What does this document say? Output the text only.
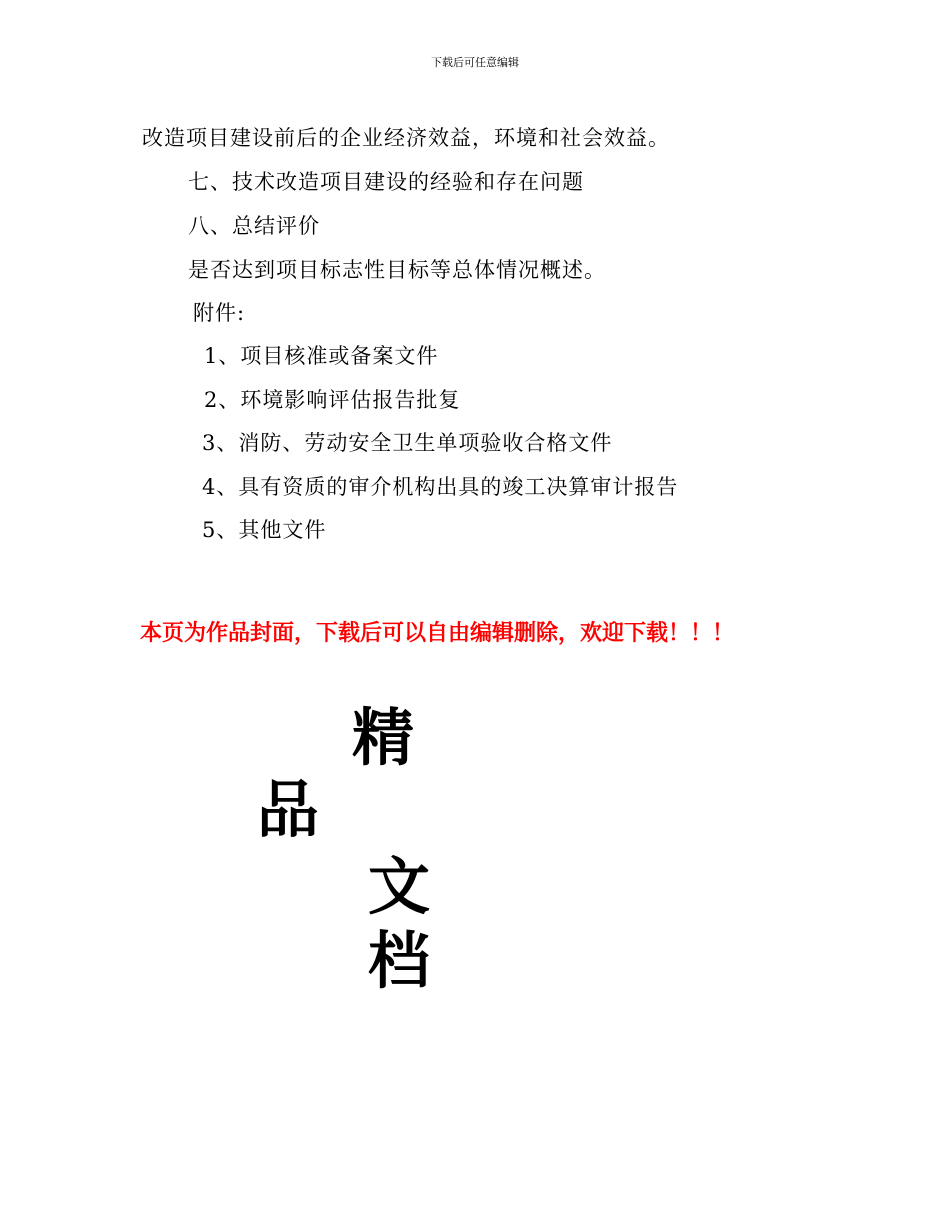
下载后可任意编辑
改造项目建设前后的企业经济效益，环境和社会效益。
七、技术改造项目建设的经验和存在问题
八、总结评价
是否达到项目标志性目标等总体情况概述。
附件:
1、项目核准或备案文件
2、环境影响评估报告批复
3、消防、劳动安全卫生单项验收合格文件
4、具有资质的审介机构出具的竣工决算审计报告
5、其他文件
本页为作品封面，下载后可以自由编辑删除，欢迎下载！！！
精
品
文
档
